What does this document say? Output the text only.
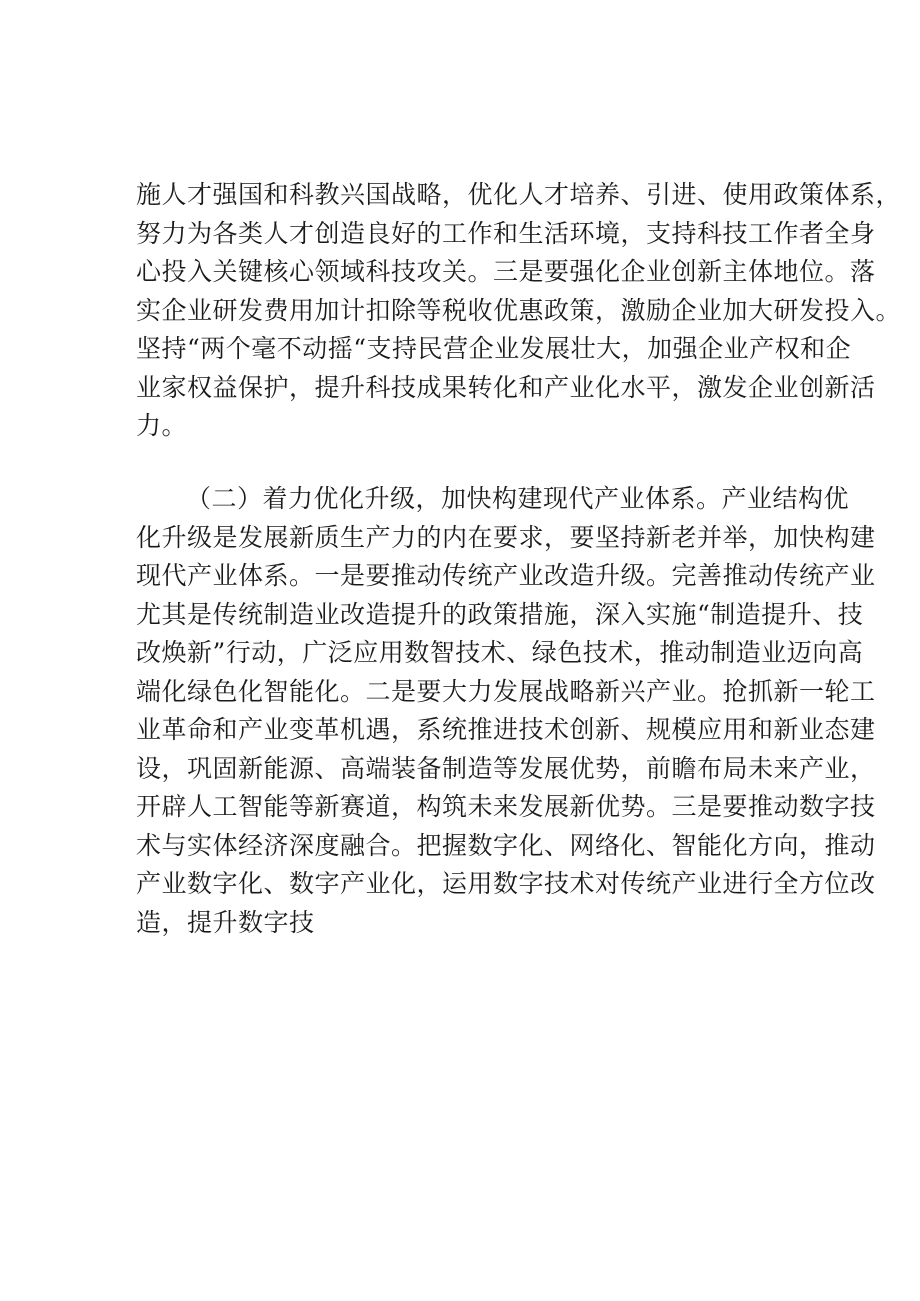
施人才强国和科教兴国战略，优化人才培养、引进、使用政策体系，
努力为各类人才创造良好的工作和生活环境，支持科技工作者全身
心投入关键核心领域科技攻关。三是要强化企业创新主体地位。落
实企业研发费用加计扣除等税收优惠政策，激励企业加大研发投入。
坚持“两个毫不动摇“支持民营企业发展壮大，加强企业产权和企
业家权益保护，提升科技成果转化和产业化水平，激发企业创新活
力。
（二）着力优化升级，加快构建现代产业体系。产业结构优
化升级是发展新质生产力的内在要求，要坚持新老并举，加快构建
现代产业体系。一是要推动传统产业改造升级。完善推动传统产业
尤其是传统制造业改造提升的政策措施，深入实施“制造提升、技
改焕新”行动，广泛应用数智技术、绿色技术，推动制造业迈向高
端化绿色化智能化。二是要大力发展战略新兴产业。抢抓新一轮工
业革命和产业变革机遇，系统推进技术创新、规模应用和新业态建
设，巩固新能源、高端装备制造等发展优势，前瞻布局未来产业，
开辟人工智能等新赛道，构筑未来发展新优势。三是要推动数字技
术与实体经济深度融合。把握数字化、网络化、智能化方向，推动
产业数字化、数字产业化，运用数字技术对传统产业进行全方位改
造，提升数字技
